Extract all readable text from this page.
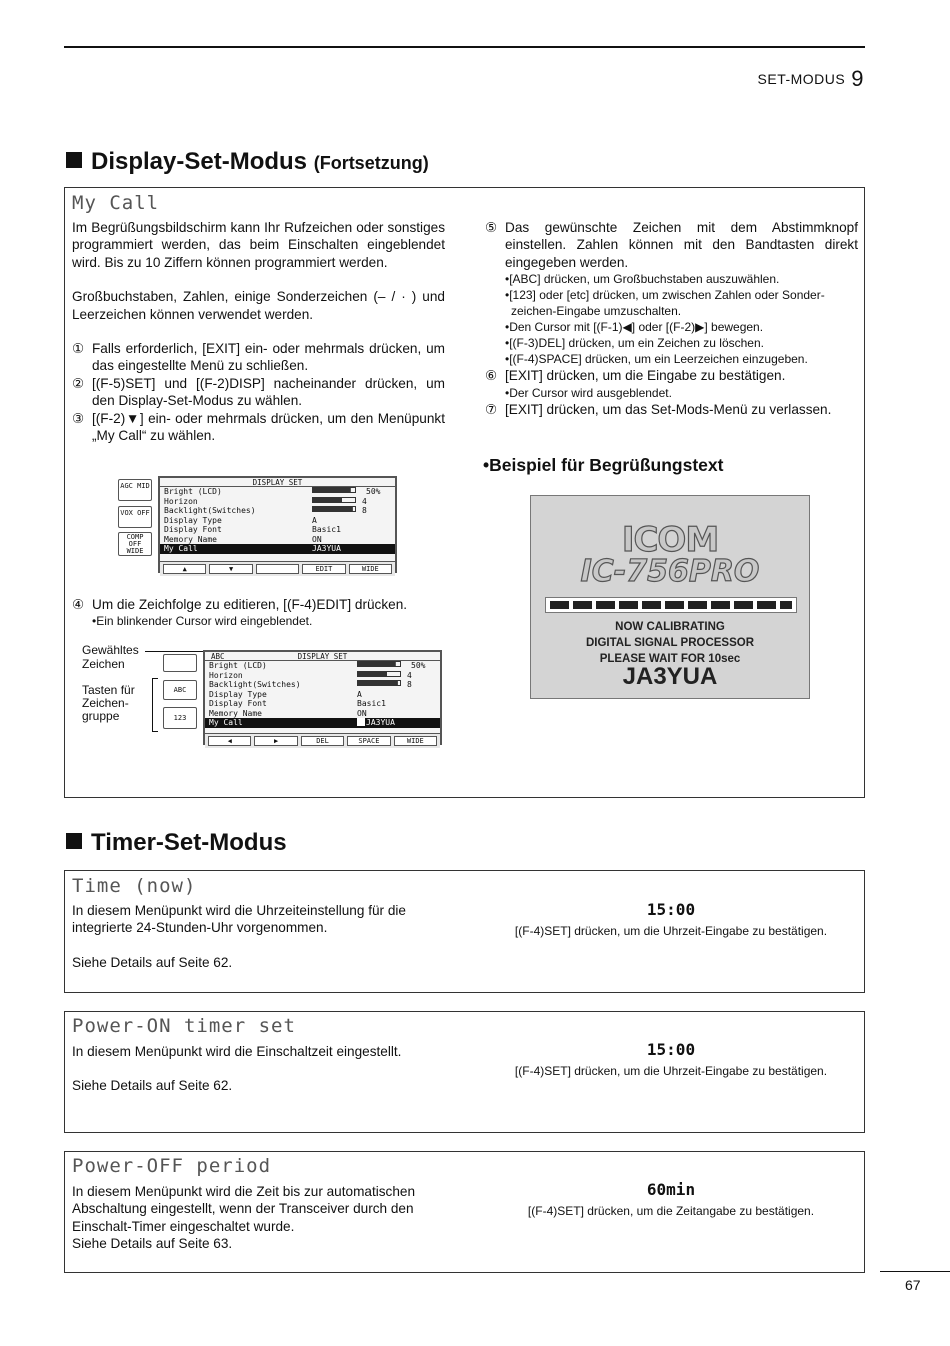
SET-MODUS 9
Display-Set-Modus (Fortsetzung)
My Call

Im Begrüßungsbildschirm kann Ihr Rufzeichen oder sonstiges programmiert werden, das beim Einschalten eingeblendet wird. Bis zu 10 Ziffern können programmiert werden.

Großbuchstaben, Zahlen, einige Sonderzeichen (– / · ) und Leerzeichen können verwendet werden.

① Falls erforderlich, [EXIT] ein- oder mehrmals drücken, um das eingestellte Menü zu schließen.
② [(F-5)SET] und [(F-2)DISP] nacheinander drücken, um den Display-Set-Modus zu wählen.
③ [(F-2)▼] ein- oder mehrmals drücken, um den Menüpunkt „My Call“ zu wählen.
AGC MID
VOX OFF
COMP OFF WIDE
DISPLAY SET
Bright (LCD)	50%
Horizon	4
Backlight(Switches)	8
Display Type	A
Display Font	Basic1
Memory Name	ON
My Call	JA3YUA
▲	▼	EDIT	WIDE
④ Um die Zeichfolge zu editieren, [(F-4)EDIT] drücken.
•Ein blinkender Cursor wird eingeblendet.
Gewähltes Zeichen
Tasten für Zeichen-gruppe
ABC
123
ABC	DISPLAY SET
Bright (LCD)	50%
Horizon	4
Backlight(Switches)	8
Display Type	A
Display Font	Basic1
Memory Name	ON
My Call	JA3YUA
◀	▶	DEL	SPACE	WIDE
⑤ Das gewünschte Zeichen mit dem Abstimmknopf einstellen. Zahlen können mit den Bandtasten direkt eingegeben werden.
•[ABC] drücken, um Großbuchstaben auszuwählen.
•[123] oder [etc] drücken, um zwischen Zahlen oder Sonder-
zeichen-Eingabe umzuschalten.
•Den Cursor mit [(F-1)◀] oder [(F-2)▶] bewegen.
•[(F-3)DEL] drücken, um ein Zeichen zu löschen.
•[(F-4)SPACE] drücken, um ein Leerzeichen einzugeben.
⑥ [EXIT] drücken, um die Eingabe zu bestätigen.
•Der Cursor wird ausgeblendet.
⑦ [EXIT] drücken, um das Set-Mods-Menü zu verlassen.
•Beispiel für Begrüßungstext
ICOM
IC-756PRO
NOW CALIBRATING
DIGITAL SIGNAL PROCESSOR
PLEASE WAIT FOR 10sec
JA3YUA
Timer-Set-Modus
Time (now)

In diesem Menüpunkt wird die Uhrzeiteinstellung für die integrierte 24-Stunden-Uhr vorgenommen.

Siehe Details auf Seite 62.

15:00
[(F-4)SET] drücken, um die Uhrzeit-Eingabe zu bestätigen.
Power-ON timer set

In diesem Menüpunkt wird die Einschaltzeit eingestellt.

Siehe Details auf Seite 62.

15:00
[(F-4)SET] drücken, um die Uhrzeit-Eingabe zu bestätigen.
Power-OFF period

In diesem Menüpunkt wird die Zeit bis zur automatischen Abschaltung eingestellt, wenn der Transceiver durch den Einschalt-Timer eingeschaltet wurde.

Siehe Details auf Seite 63.

60min
[(F-4)SET] drücken, um die Zeitangabe zu bestätigen.
67
